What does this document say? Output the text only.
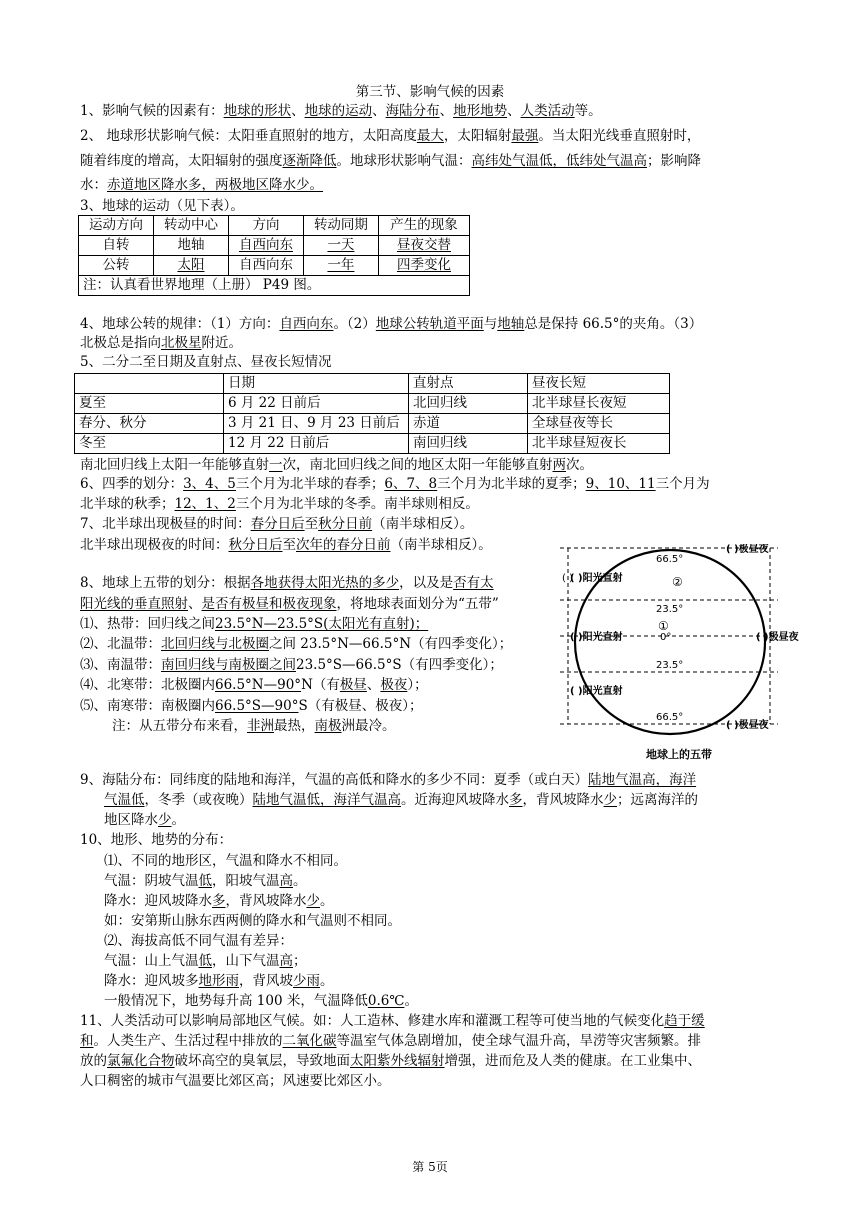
第三节、影响气候的因素
1、影响气候的因素有：地球的形状、地球的运动、海陆分布、地形地势、人类活动等。
2、 地球形状影响气候：太阳垂直照射的地方，太阳高度最大，太阳辐射最强。当太阳光线垂直照射时，
随着纬度的增高，太阳辐射的强度逐渐降低。地球形状影响气温：高纬处气温低，低纬处气温高；影响降
水：赤道地区降水多，两极地区降水少。
3、地球的运动（见下表）。
运动方向	转动中心	方向	转动同期	产生的现象
自转	地轴	自西向东	一天	昼夜交替
公转	太阳	自西向东	一年	四季变化
注：认真看世界地理（上册） P49 图。				
4、地球公转的规律：（1）方向：自西向东。（2）地球公转轨道平面与地轴总是保持 66.5°的夹角。（3）
北极总是指向北极星附近。
5、二分二至日期及直射点、昼夜长短情况
	日期	直射点	昼夜长短
夏至	6 月 22 日前后	北回归线	北半球昼长夜短
春分、秋分	3 月 21 日、9 月 23 日前后	赤道	全球昼夜等长
冬至	12 月 22 日前后	南回归线	北半球昼短夜长
南北回归线上太阳一年能够直射一次，南北回归线之间的地区太阳一年能够直射两次。
6、四季的划分：3、4、5三个月为北半球的春季；6、7、8三个月为北半球的夏季；9、10、11三个月为
北半球的秋季；12、1、2三个月为北半球的冬季。南半球则相反。
7、北半球出现极昼的时间：春分日后至秋分日前（南半球相反）。
北半球出现极夜的时间：秋分日后至次年的春分日前（南半球相反）。
8、地球上五带的划分：根据各地获得太阳光热的多少，以及是否有太
阳光线的垂直照射、是否有极昼和极夜现象，将地球表面划分为“五带”
⑴、热带：回归线之间23.5°N—23.5°S(太阳光有直射)；
⑵、北温带：北回归线与北极圈之间 23.5°N—66.5°N（有四季变化）；
⑶、南温带：南回归线与南极圈之间23.5°S—66.5°S（有四季变化）；
⑷、北寒带：北极圈内66.5°N—90°N（有极昼、极夜）；
⑸、南寒带：南极圈内66.5°S—90°S（有极昼、极夜）；
注：从五带分布来看，非洲最热，南极洲最冷。
66.5°
23.5°
0°
23.5°
66.5°
( )极昼夜
( )极昼夜
( )极昼夜
( )
( )阳光直射
( )阳光直射
( )阳光直射
②
①
地球上的五带
9、海陆分布：同纬度的陆地和海洋，气温的高低和降水的多少不同：夏季（或白天）陆地气温高，海洋
气温低，冬季（或夜晚）陆地气温低，海洋气温高。近海迎风坡降水多，背风坡降水少；远离海洋的
地区降水少。
10、地形、地势的分布：
⑴、不同的地形区，气温和降水不相同。
气温：阴坡气温低，阳坡气温高。
降水：迎风坡降水多，背风坡降水少。
如：安第斯山脉东西两侧的降水和气温则不相同。
⑵、海拔高低不同气温有差异：
气温：山上气温低，山下气温高；
降水：迎风坡多地形雨，背风坡少雨。
一般情况下，地势每升高 100 米，气温降低0.6℃。
11、人类活动可以影响局部地区气候。如：人工造林、修建水库和灌溉工程等可使当地的气候变化趋于缓
和。人类生产、生活过程中排放的二氧化碳等温室气体急剧增加，使全球气温升高，旱涝等灾害频繁。排
放的氯氟化合物破坏高空的臭氧层，导致地面太阳紫外线辐射增强，进而危及人类的健康。在工业集中、
人口稠密的城市气温要比郊区高；风速要比郊区小。
第 5页
